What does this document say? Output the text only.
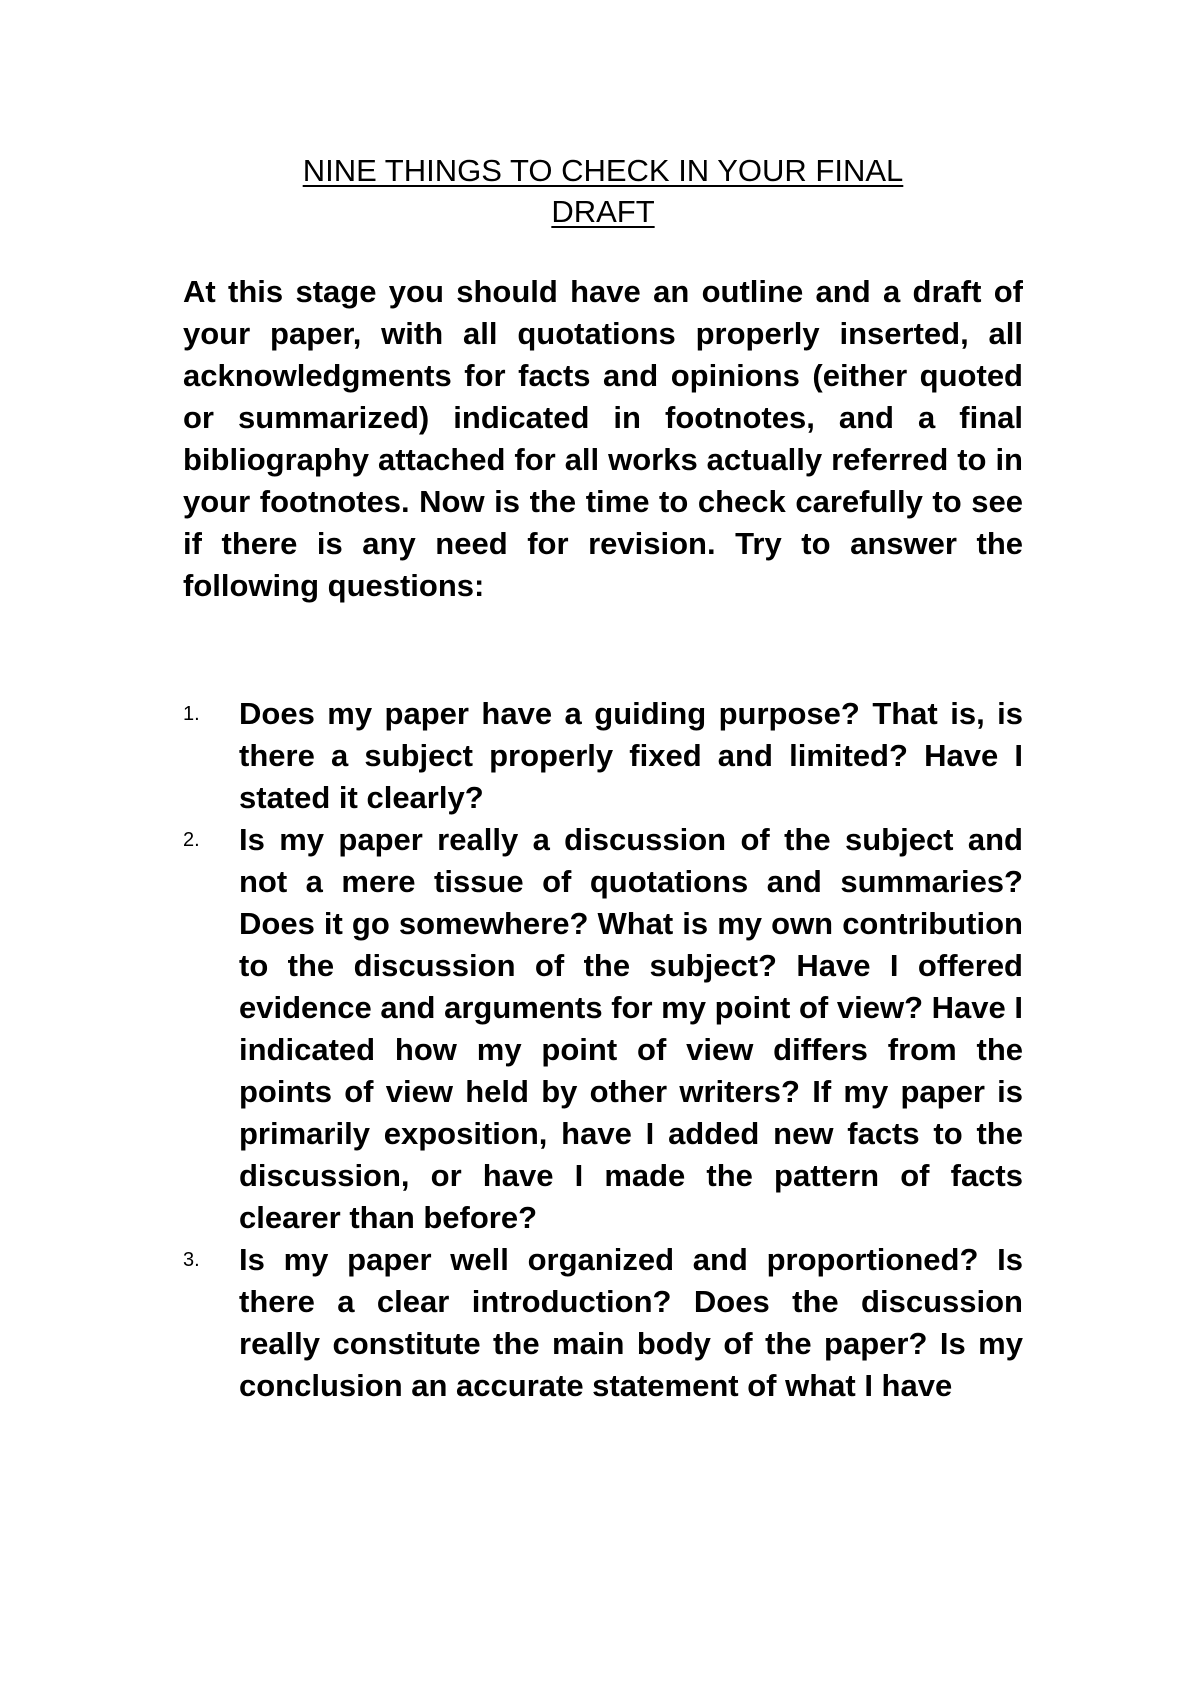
NINE THINGS TO CHECK IN YOUR FINAL
DRAFT

At this stage you should have an outline and a draft of your paper, with all quotations properly inserted, all acknowledgments for facts and opinions (either quoted or summarized) indicated in footnotes, and a final bibliography attached for all works actually referred to in your footnotes. Now is the time to check carefully to see if there is any need for revision. Try to answer the following questions:

1. Does my paper have a guiding purpose? That is, is there a subject properly fixed and limited? Have I stated it clearly?
2. Is my paper really a discussion of the subject and not a mere tissue of quotations and summaries? Does it go somewhere? What is my own contribution to the discussion of the subject? Have I offered evidence and arguments for my point of view? Have I indicated how my point of view differs from the points of view held by other writers? If my paper is primarily exposition, have I added new facts to the discussion, or have I made the pattern of facts clearer than before?
3. Is my paper well organized and proportioned? Is there a clear introduction? Does the discussion really constitute the main body of the paper? Is my conclusion an accurate statement of what I have
